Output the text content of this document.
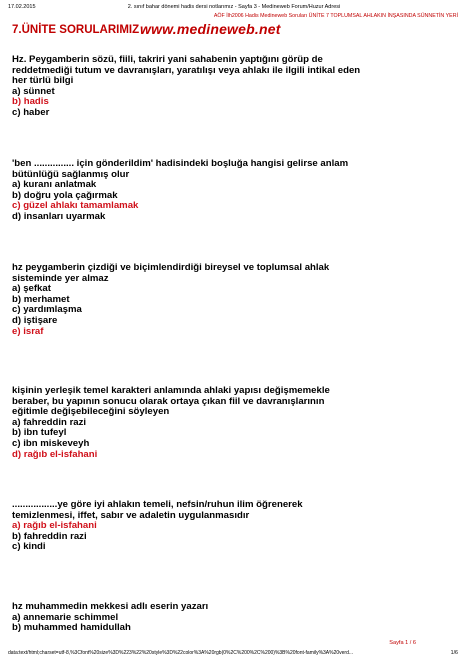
17.02.2015	2. sınıf bahar dönemi hadis dersi notlarımız - Sayfa 3 - Medineweb Forum/Huzur Adresi
AÖF İlh2006 Hadis Medineweb Soruları ÜNİTE 7 TOPLUMSAL AHLAKIN İNŞASINDA SÜNNETİN YERİ
7.ÜNİTE SORULARIMIZ www.medineweb.net
Hz. Peygamberin sözü, fiili, takriri yani sahabenin yaptığını görüp de
reddetmediği tutum ve davranışları, yaratılışı veya ahlakı ile ilgili intikal eden
her türlü bilgi
a) sünnet
b) hadis
c) haber
'ben ............... için gönderildim' hadisindeki boşluğa hangisi gelirse anlam
bütünlüğü sağlanmış olur
a) kuranı anlatmak
b) doğru yola çağırmak
c) güzel ahlakı tamamlamak
d) insanları uyarmak
hz peygamberin çizdiği ve biçimlendirdiği bireysel ve toplumsal ahlak
sisteminde yer almaz
a) şefkat
b) merhamet
c) yardımlaşma
d) iştişare
e) israf
kişinin yerleşik temel karakteri anlamında ahlaki yapısı değişmemekle
beraber, bu yapının sonucu olarak ortaya çıkan fiil ve davranışlarının
eğitimle değişebileceğini söyleyen
a) fahreddin razi
b) ibn tufeyl
c) ibn miskeveyh
d) rağıb el-isfahani
.................ye göre iyi ahlakın temeli, nefsin/ruhun ilim öğrenerek
temizlenmesi, iffet, sabır ve adaletin uygulanmasıdır
a) rağıb el-isfahani
b) fahreddin razi
c) kindi
hz muhammedin mekkesi adlı eserin yazarı
a) annemarie schimmel
b) muhammed hamidullah
Sayfa 1 / 6
data:text/html;charset=utf-8,%3Cfont%20size%3D%223%22%20style%3D%22color%3A%20rgb(0%2C%200%2C%200)%3B%20font-family%3A%20verd...	1/6
